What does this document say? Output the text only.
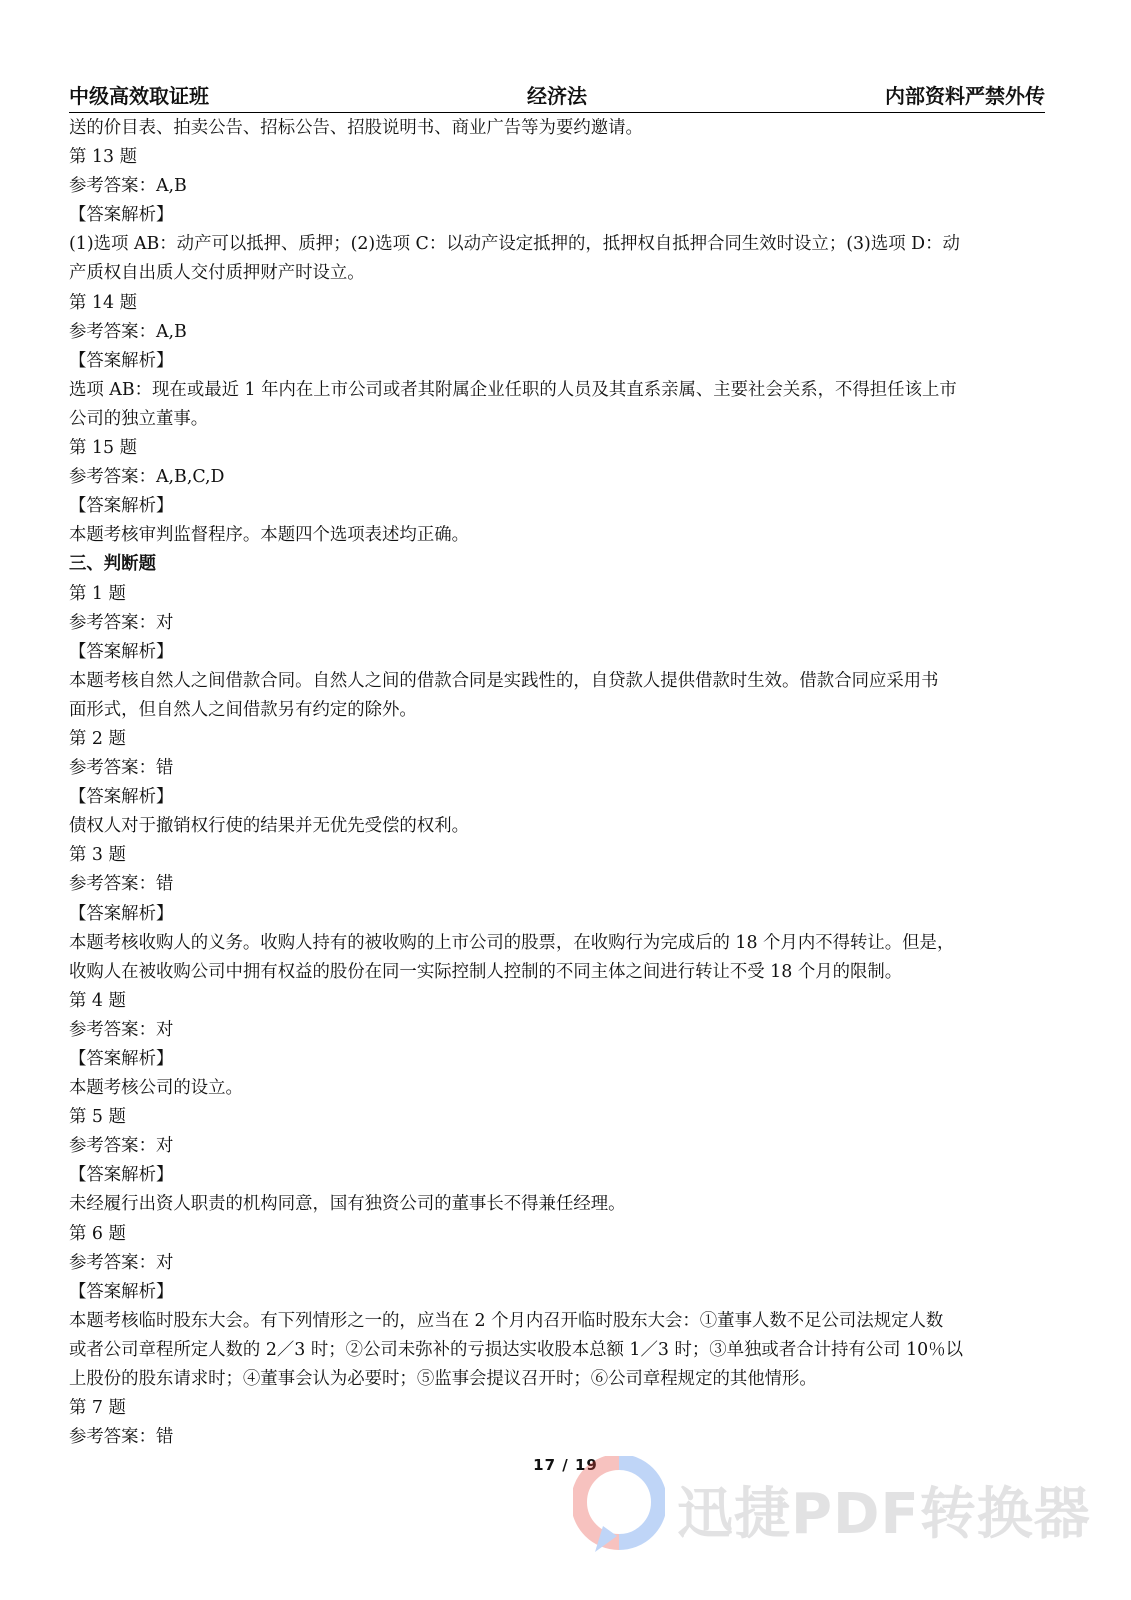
中级高效取证班	经济法	内部资料严禁外传
送的价目表、拍卖公告、招标公告、招股说明书、商业广告等为要约邀请。
第 13 题
参考答案：A,B
【答案解析】
(1)选项 AB：动产可以抵押、质押；(2)选项 C：以动产设定抵押的，抵押权自抵押合同生效时设立；(3)选项 D：动
产质权自出质人交付质押财产时设立。
第 14 题
参考答案：A,B
【答案解析】
选项 AB：现在或最近 1 年内在上市公司或者其附属企业任职的人员及其直系亲属、主要社会关系，不得担任该上市
公司的独立董事。
第 15 题
参考答案：A,B,C,D
【答案解析】
本题考核审判监督程序。本题四个选项表述均正确。
三、判断题
第 1 题
参考答案：对
【答案解析】
本题考核自然人之间借款合同。自然人之间的借款合同是实践性的，自贷款人提供借款时生效。借款合同应采用书
面形式，但自然人之间借款另有约定的除外。
第 2 题
参考答案：错
【答案解析】
债权人对于撤销权行使的结果并无优先受偿的权利。
第 3 题
参考答案：错
【答案解析】
本题考核收购人的义务。收购人持有的被收购的上市公司的股票，在收购行为完成后的 18 个月内不得转让。但是，
收购人在被收购公司中拥有权益的股份在同一实际控制人控制的不同主体之间进行转让不受 18 个月的限制。
第 4 题
参考答案：对
【答案解析】
本题考核公司的设立。
第 5 题
参考答案：对
【答案解析】
未经履行出资人职责的机构同意，国有独资公司的董事长不得兼任经理。
第 6 题
参考答案：对
【答案解析】
本题考核临时股东大会。有下列情形之一的，应当在 2 个月内召开临时股东大会：①董事人数不足公司法规定人数
或者公司章程所定人数的 2／3 时；②公司未弥补的亏损达实收股本总额 1／3 时；③单独或者合计持有公司 10％以
上股份的股东请求时；④董事会认为必要时；⑤监事会提议召开时；⑥公司章程规定的其他情形。
第 7 题
参考答案：错
17 / 19
迅捷PDF转换器
